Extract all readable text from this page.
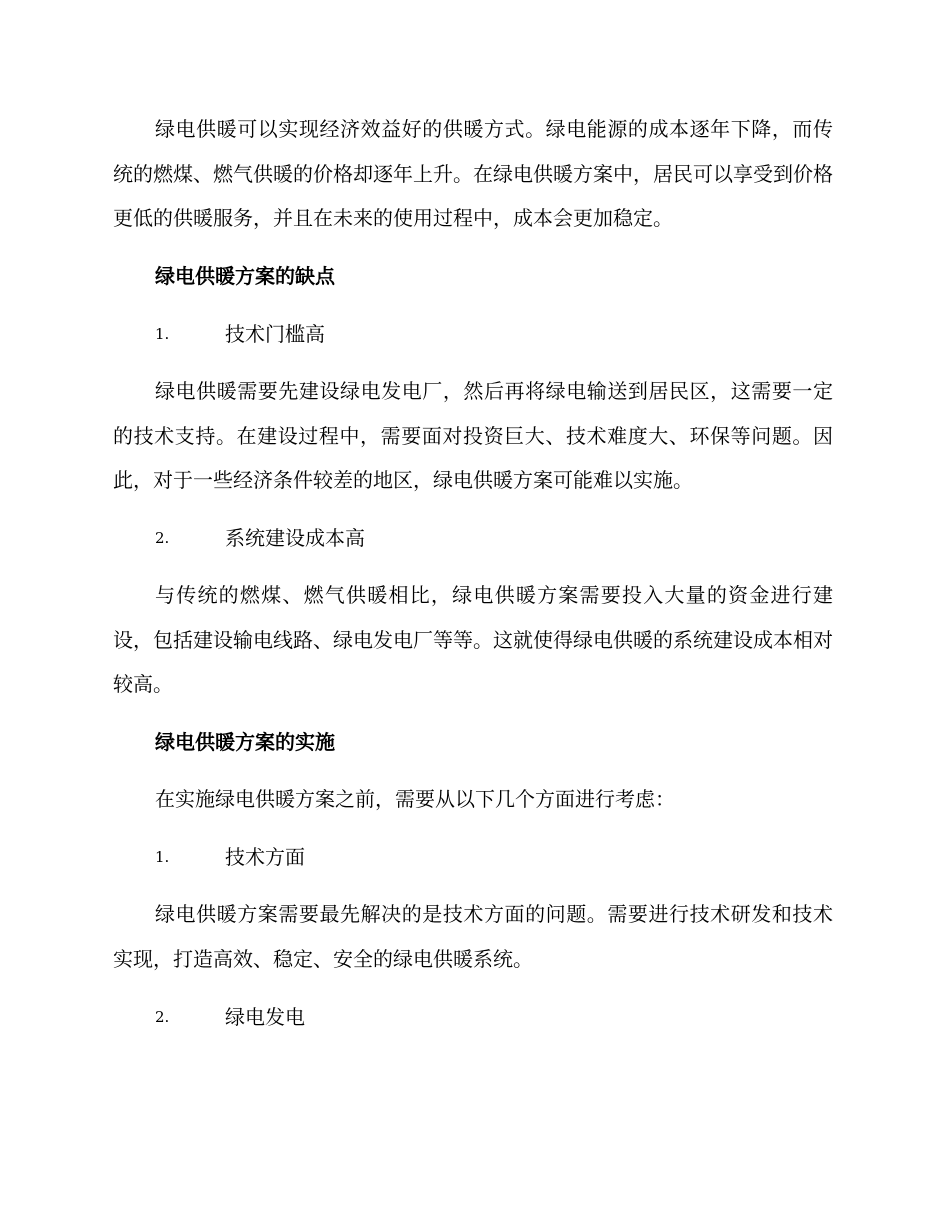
绿电供暖可以实现经济效益好的供暖方式。绿电能源的成本逐年下降，而传统的燃煤、燃气供暖的价格却逐年上升。在绿电供暖方案中，居民可以享受到价格更低的供暖服务，并且在未来的使用过程中，成本会更加稳定。

绿电供暖方案的缺点

1.	技术门槛高

绿电供暖需要先建设绿电发电厂，然后再将绿电输送到居民区，这需要一定的技术支持。在建设过程中，需要面对投资巨大、技术难度大、环保等问题。因此，对于一些经济条件较差的地区，绿电供暖方案可能难以实施。

2.	系统建设成本高

与传统的燃煤、燃气供暖相比，绿电供暖方案需要投入大量的资金进行建设，包括建设输电线路、绿电发电厂等等。这就使得绿电供暖的系统建设成本相对较高。

绿电供暖方案的实施

在实施绿电供暖方案之前，需要从以下几个方面进行考虑：

1.	技术方面

绿电供暖方案需要最先解决的是技术方面的问题。需要进行技术研发和技术实现，打造高效、稳定、安全的绿电供暖系统。

2.	绿电发电
